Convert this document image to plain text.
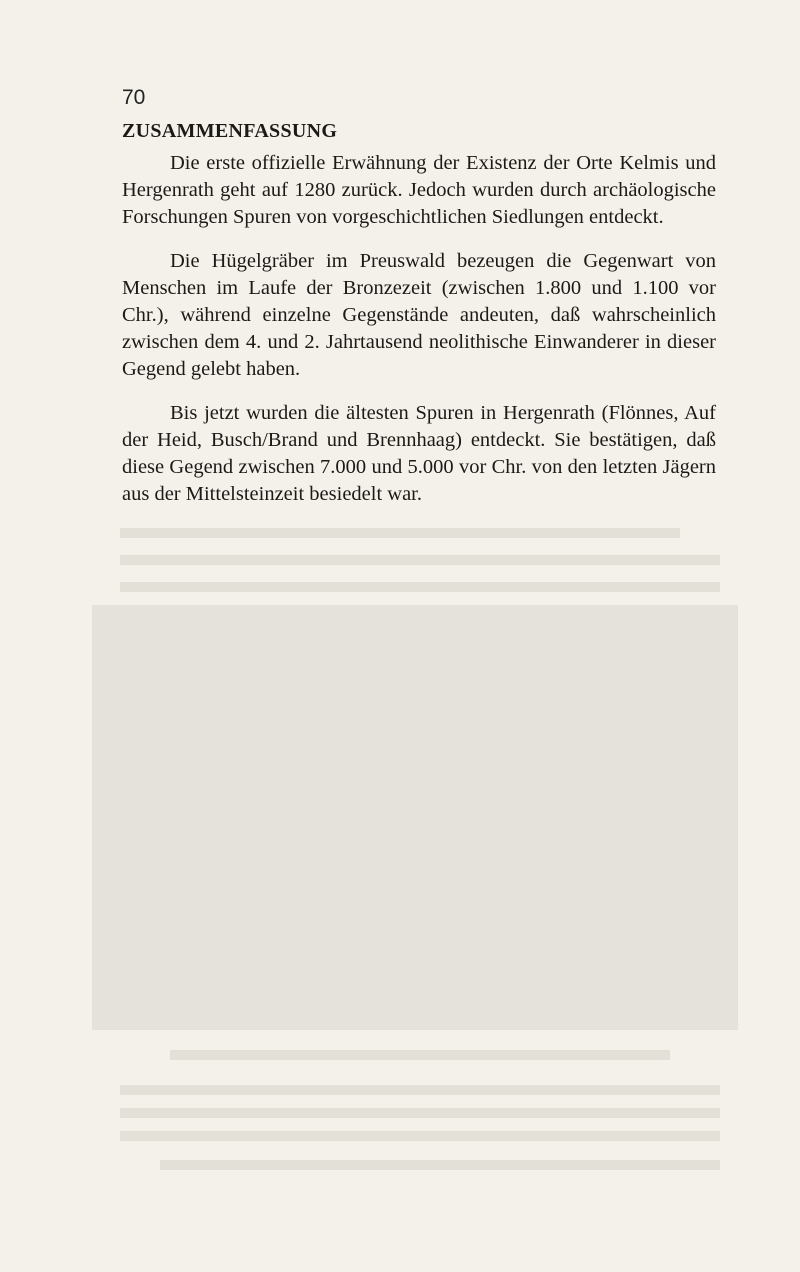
70
ZUSAMMENFASSUNG

Die erste offizielle Erwähnung der Existenz der Orte Kelmis und Hergenrath geht auf 1280 zurück. Jedoch wurden durch archäologische Forschungen Spuren von vorgeschichtlichen Siedlungen entdeckt.

Die Hügelgräber im Preuswald bezeugen die Gegenwart von Menschen im Laufe der Bronzezeit (zwischen 1.800 und 1.100 vor Chr.), während einzelne Gegenstände andeuten, daß wahrscheinlich zwischen dem 4. und 2. Jahrtausend neolithische Einwanderer in dieser Gegend gelebt haben.

Bis jetzt wurden die ältesten Spuren in Hergenrath (Flönnes, Auf der Heid, Busch/Brand und Brennhaag) entdeckt. Sie bestätigen, daß diese Gegend zwischen 7.000 und 5.000 vor Chr. von den letzten Jägern aus der Mittelsteinzeit besiedelt war.
